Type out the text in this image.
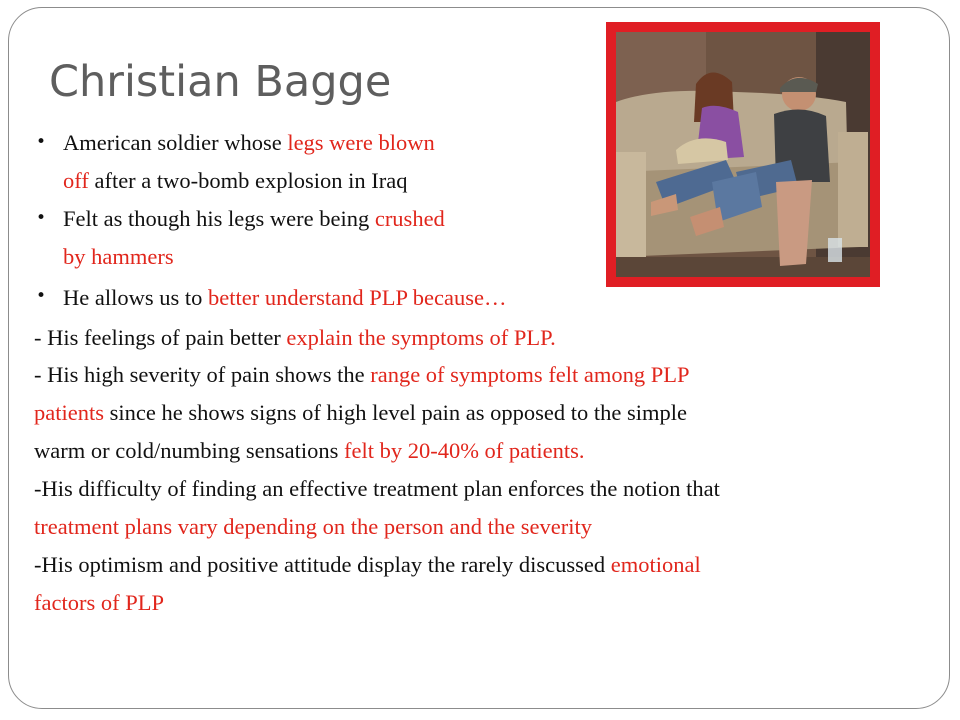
Christian Bagge
• American soldier whose legs were blown
off after a two-bomb explosion in Iraq
• Felt as though his legs were being crushed
by hammers
• He allows us to better understand PLP because…
- His feelings of pain better explain the symptoms of PLP.
- His high severity of pain shows the range of symptoms felt among PLP
patients since he shows signs of high level pain as opposed to the simple
warm or cold/numbing sensations felt by 20-40% of patients.
-His difficulty of finding an effective treatment plan enforces the notion that
treatment plans vary depending on the person and the severity
-His optimism and positive attitude display the rarely discussed emotional
factors of PLP
